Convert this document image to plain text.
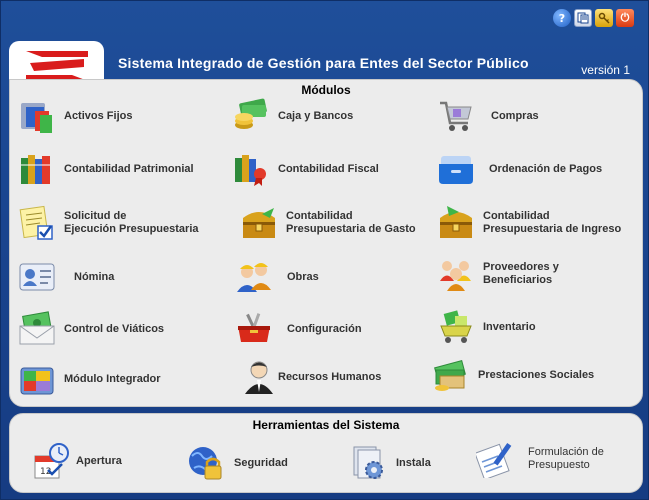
?	⏻
Sistema Integrado de Gestión para Entes del Sector Público	versión 1
Módulos
Activos Fijos	Caja y Bancos	Compras
Contabilidad Patrimonial	Contabilidad Fiscal	Ordenación de Pagos
Solicitud de
Ejecución Presupuestaria
Contabilidad
Presupuestaria de Gasto
Contabilidad
Presupuestaria de Ingreso
Nómina	Obras
Proveedores y
Beneficiarios
Control de Viáticos	Configuración	Inventario
Módulo Integrador	Recursos Humanos	Prestaciones Sociales
Herramientas del Sistema
12
Apertura	Seguridad	Instala
Formulación de
Presupuesto
